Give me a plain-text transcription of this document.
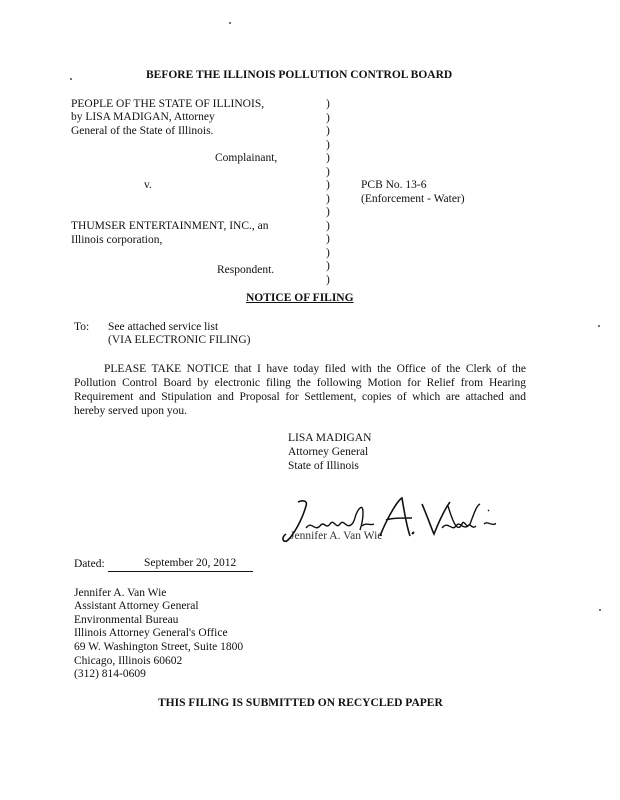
BEFORE THE ILLINOIS POLLUTION CONTROL BOARD
PEOPLE OF THE STATE OF ILLINOIS,
by LISA MADIGAN, Attorney
General of the State of Illinois.
Complainant,
v.
THUMSER ENTERTAINMENT, INC., an
Illinois corporation,
Respondent.
)
)
)
)
)
)
)
)
)
)
)
)
)
)
PCB No. 13-6
(Enforcement - Water)
NOTICE OF FILING
To: See attached service list
(VIA ELECTRONIC FILING)
PLEASE TAKE NOTICE that I have today filed with the Office of the Clerk of the Pollution Control Board by electronic filing the following Motion for Relief from Hearing Requirement and Stipulation and Proposal for Settlement, copies of which are attached and hereby served upon you.
LISA MADIGAN
Attorney General
State of Illinois
Jennifer A. Van Wie
Dated:	September 20, 2012
Jennifer A. Van Wie
Assistant Attorney General
Environmental Bureau
Illinois Attorney General's Office
69 W. Washington Street, Suite 1800
Chicago, Illinois 60602
(312) 814-0609
THIS FILING IS SUBMITTED ON RECYCLED PAPER
